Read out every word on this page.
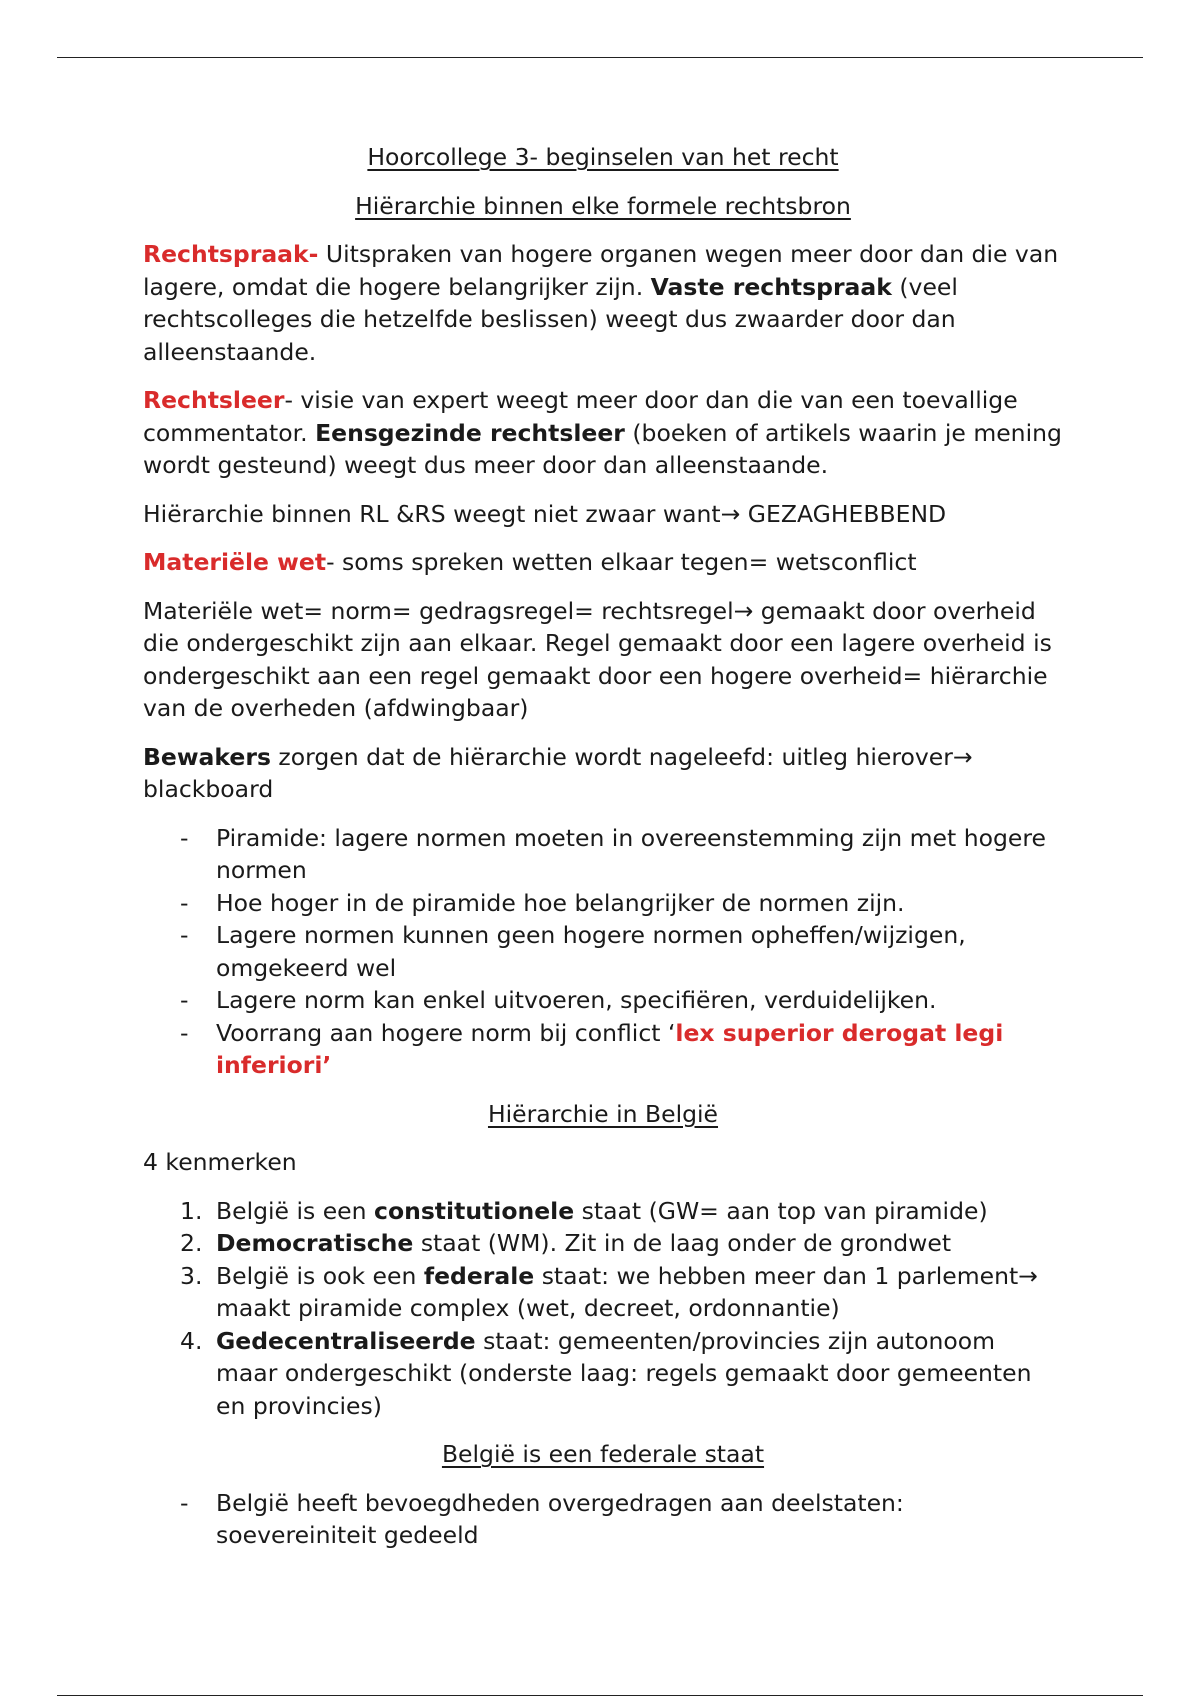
Hoorcollege 3- beginselen van het recht
Hiërarchie binnen elke formele rechtsbron

Rechtspraak- Uitspraken van hogere organen wegen meer door dan die van lagere, omdat die hogere belangrijker zijn. Vaste rechtspraak (veel rechtscolleges die hetzelfde beslissen) weegt dus zwaarder door dan alleenstaande.

Rechtsleer- visie van expert weegt meer door dan die van een toevallige commentator. Eensgezinde rechtsleer (boeken of artikels waarin je mening wordt gesteund) weegt dus meer door dan alleenstaande.

Hiërarchie binnen RL &RS weegt niet zwaar want→ GEZAGHEBBEND

Materiële wet- soms spreken wetten elkaar tegen= wetsconflict

Materiële wet= norm= gedragsregel= rechtsregel→ gemaakt door overheid die ondergeschikt zijn aan elkaar. Regel gemaakt door een lagere overheid is ondergeschikt aan een regel gemaakt door een hogere overheid= hiërarchie van de overheden (afdwingbaar)

Bewakers zorgen dat de hiërarchie wordt nageleefd: uitleg hierover→ blackboard

- Piramide: lagere normen moeten in overeenstemming zijn met hogere normen
- Hoe hoger in de piramide hoe belangrijker de normen zijn.
- Lagere normen kunnen geen hogere normen opheffen/wijzigen, omgekeerd wel
- Lagere norm kan enkel uitvoeren, specifiëren, verduidelijken.
- Voorrang aan hogere norm bij conflict ‘lex superior derogat legi inferiori’
Hiërarchie in België

4 kenmerken

1. België is een constitutionele staat (GW= aan top van piramide)
2. Democratische staat (WM). Zit in de laag onder de grondwet
3. België is ook een federale staat: we hebben meer dan 1 parlement→ maakt piramide complex (wet, decreet, ordonnantie)
4. Gedecentraliseerde staat: gemeenten/provincies zijn autonoom maar ondergeschikt (onderste laag: regels gemaakt door gemeenten en provincies)
België is een federale staat
- België heeft bevoegdheden overgedragen aan deelstaten: soevereiniteit gedeeld
